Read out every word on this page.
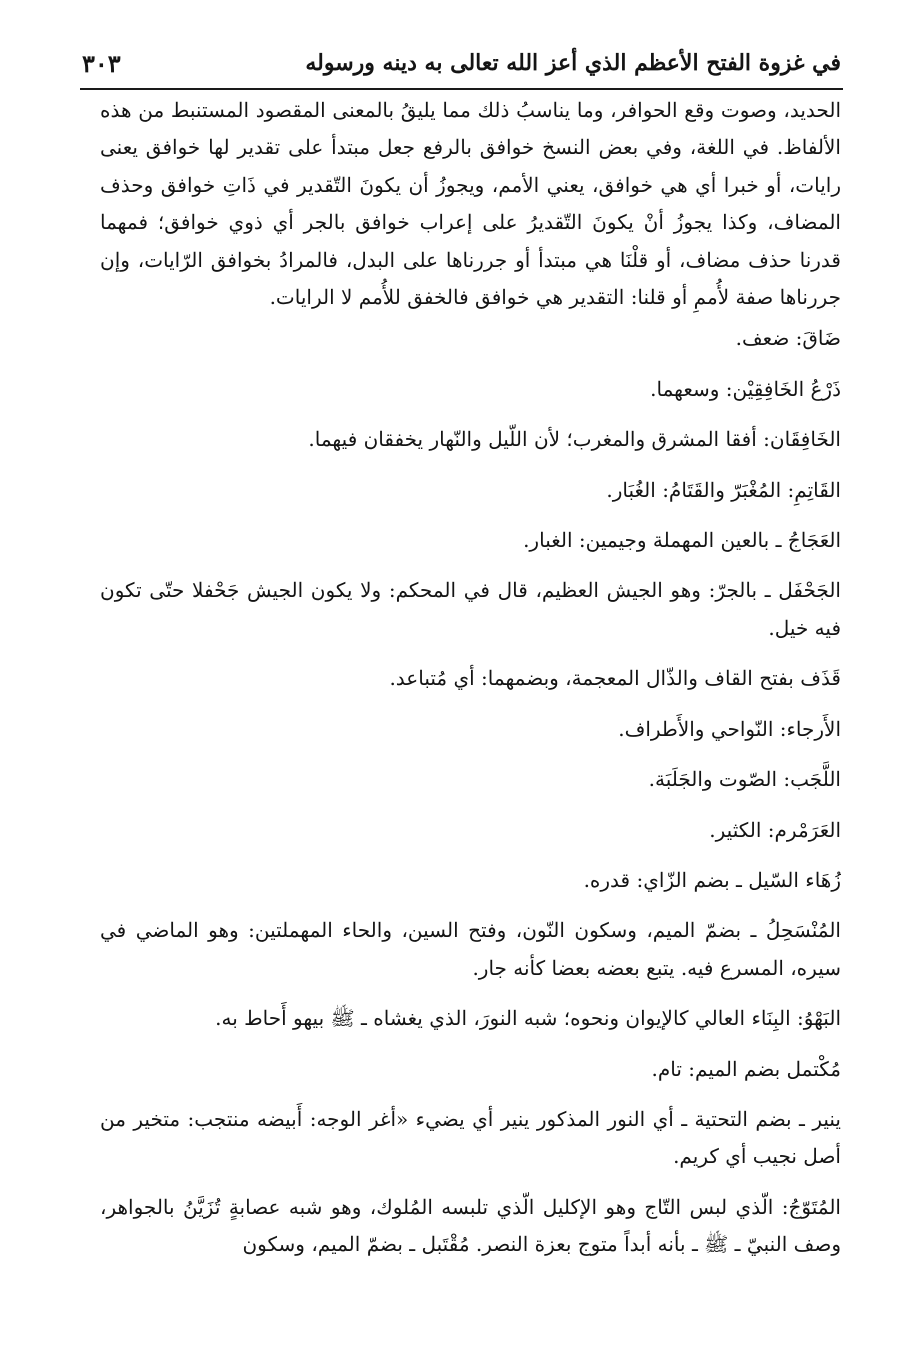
في غزوة الفتح الأعظم الذي أعز الله تعالى به دينه ورسوله
٣٠٣

الحديد، وصوت وقع الحوافر، وما يناسبُ ذلك مما يليقُ بالمعنى المقصود المستنبط من هذه الألفاظ. في اللغة، وفي بعض النسخ خوافق بالرفع جعل مبتدأ على تقدير لها خوافق يعنى رايات، أو خبرا أي هي خوافق، يعني الأمم، ويجوزُ أن يكونَ التّقدير في ذَاتِ خوافق وحذف المضاف، وكذا يجوزُ أنْ يكونَ التّقديرُ على إعراب خوافق بالجر أي ذوي خوافق؛ فمهما قدرنا حذف مضاف، أو قلْنَا هي مبتدأ أو جررناها على البدل، فالمرادُ بخوافق الرّايات، وإن جررناها صفة لأُممِ أو قلنا: التقدير هي خوافق فالخفق للأُمم لا الرايات.

ضَاقَ: ضعف.

ذَرْعُ الخَافِقِيْن: وسعهما.

الخَافِقَان: أفقا المشرق والمغرب؛ لأن اللّيل والنّهار يخفقان فيهما.

القَاتِمِ: المُغْبَرّ والقَتَامُ: الغُبَار.

العَجَاجُ ـ بالعين المهملة وجيمين: الغبار.

الجَحْفَل ـ بالجرّ: وهو الجيش العظيم، قال في المحكم: ولا يكون الجيش جَحْفلا حتّى تكون فيه خيل.

قَذَف بفتح القاف والذّال المعجمة، وبضمهما: أي مُتباعد.

الأَرجاء: النّواحي والأَطراف.

اللَّجَب: الصّوت والجَلَبَة.

العَرَمْرم: الكثير.

زُهَاء السّيل ـ بضم الزّاي: قدره.

المُنْسَحِلُ ـ بضمّ الميم، وسكون النّون، وفتح السين، والحاء المهملتين: وهو الماضي في سيره، المسرع فيه. يتبع بعضه بعضا كأنه جار.

البَهْوُ: البِنَاء العالي كالإيوان ونحوه؛ شبه النورَ، الذي يغشاه ـ ﷺ بيهو أَحاط به.

مُكْتمل بضم الميم: تام.

ينير ـ بضم التحتية ـ أي النور المذكور ينير أي يضيء «أغر الوجه: أَبيضه منتجب: متخير من أصل نجيب أي كريم.

المُتَوّجُ: الّذي لبس التّاج وهو الإكليل الّذي تلبسه المُلوك، وهو شبه عصابةٍ تُزَيَّنُ بالجواهر، وصف النبيّ ـ ﷺ ـ بأنه أبداً متوج بعزة النصر. مُقْتَبل ـ بضمّ الميم، وسكون
